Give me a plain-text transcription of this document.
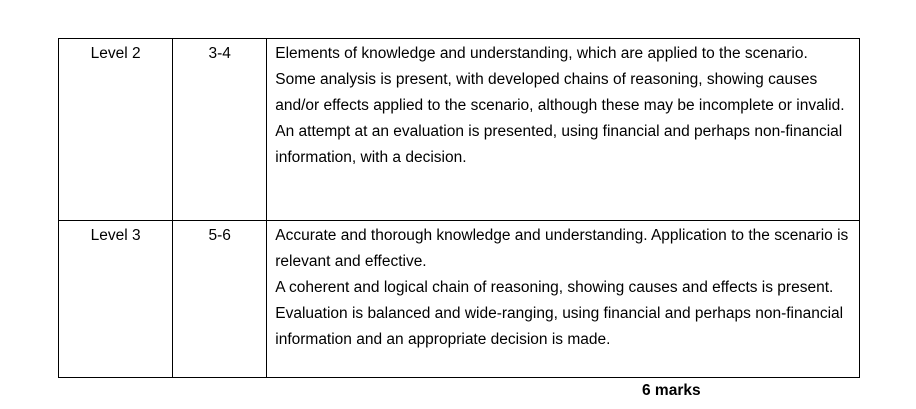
Level 2	3-4	Elements of knowledge and understanding, which are applied to the scenario.
Some analysis is present, with developed chains of reasoning, showing causes and/or effects applied to the scenario, although these may be incomplete or invalid.
An attempt at an evaluation is presented, using financial and perhaps non-financial information, with a decision.

Level 3	5-6	Accurate and thorough knowledge and understanding. Application to the scenario is relevant and effective.
A coherent and logical chain of reasoning, showing causes and effects is present.
Evaluation is balanced and wide-ranging, using financial and perhaps non-financial information and an appropriate decision is made.
6 marks
